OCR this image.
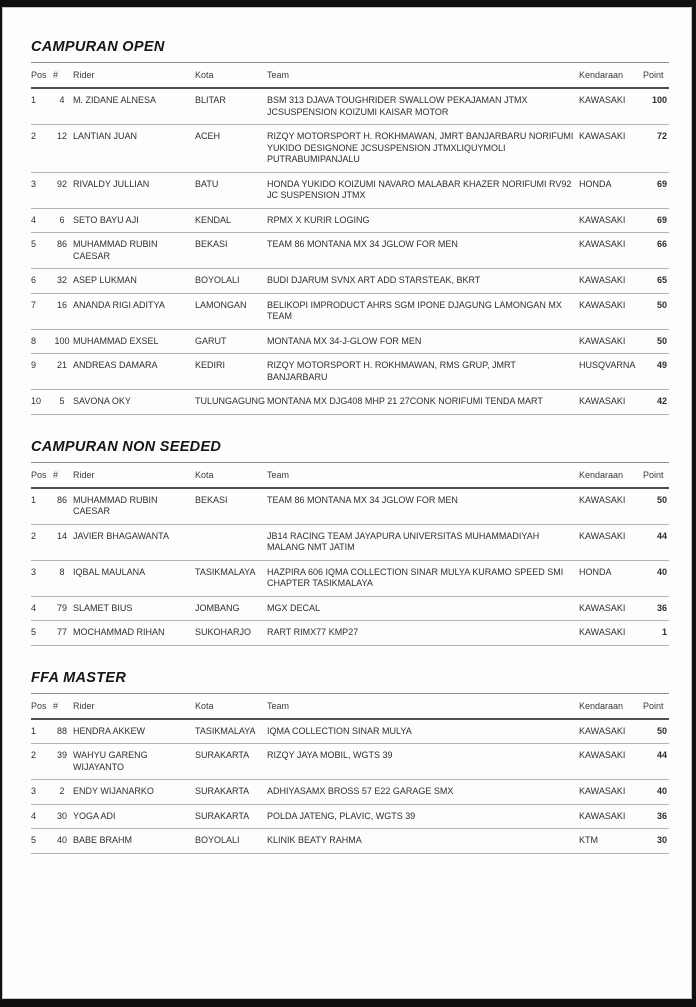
CAMPURAN OPEN
Pos	#	Rider	Kota	Team	Kendaraan	Point
1	4	M. ZIDANE ALNESA	BLITAR	BSM 313 DJAVA TOUGHRIDER SWALLOW PEKAJAMAN JTMX JCSUSPENSION KOIZUMI KAISAR MOTOR	KAWASAKI	100
2	12	LANTIAN JUAN	ACEH	RIZQY MOTORSPORT H. ROKHMAWAN, JMRT BANJARBARU NORIFUMI YUKIDO DESIGNONE JCSUSPENSION JTMXLIQUYMOLI PUTRABUMIPANJALU	KAWASAKI	72
3	92	RIVALDY JULLIAN	BATU	HONDA YUKIDO KOIZUMI NAVARO MALABAR KHAZER NORIFUMI RV92 JC SUSPENSION JTMX	HONDA	69
4	6	SETO BAYU AJI	KENDAL	RPMX X KURIR LOGING	KAWASAKI	69
5	86	MUHAMMAD RUBIN CAESAR	BEKASI	TEAM 86 MONTANA MX 34 JGLOW FOR MEN	KAWASAKI	66
6	32	ASEP LUKMAN	BOYOLALI	BUDI DJARUM SVNX ART ADD STARSTEAK, BKRT	KAWASAKI	65
7	16	ANANDA RIGI ADITYA	LAMONGAN	BELIKOPI IMPRODUCT AHRS SGM IPONE DJAGUNG LAMONGAN MX TEAM	KAWASAKI	50
8	100	MUHAMMAD EXSEL	GARUT	MONTANA MX 34-J-GLOW FOR MEN	KAWASAKI	50
9	21	ANDREAS DAMARA	KEDIRI	RIZQY MOTORSPORT H. ROKHMAWAN, RMS GRUP, JMRT BANJARBARU	HUSQVARNA	49
10	5	SAVONA OKY	TULUNGAGUNG	MONTANA MX DJG408 MHP 21 27CONK NORIFUMI TENDA MART	KAWASAKI	42
CAMPURAN NON SEEDED
Pos	#	Rider	Kota	Team	Kendaraan	Point
1	86	MUHAMMAD RUBIN CAESAR	BEKASI	TEAM 86 MONTANA MX 34 JGLOW FOR MEN	KAWASAKI	50
2	14	JAVIER BHAGAWANTA		JB14 RACING TEAM JAYAPURA UNIVERSITAS MUHAMMADIYAH MALANG NMT JATIM	KAWASAKI	44
3	8	IQBAL MAULANA	TASIKMALAYA	HAZPIRA 606 IQMA COLLECTION SINAR MULYA KURAMO SPEED SMI CHAPTER TASIKMALAYA	HONDA	40
4	79	SLAMET BIUS	JOMBANG	MGX DECAL	KAWASAKI	36
5	77	MOCHAMMAD RIHAN	SUKOHARJO	RART RIMX77 KMP27	KAWASAKI	1
FFA MASTER
Pos	#	Rider	Kota	Team	Kendaraan	Point
1	88	HENDRA AKKEW	TASIKMALAYA	IQMA COLLECTION SINAR MULYA	KAWASAKI	50
2	39	WAHYU GARENG WIJAYANTO	SURAKARTA	RIZQY JAYA MOBIL, WGTS 39	KAWASAKI	44
3	2	ENDY WIJANARKO	SURAKARTA	ADHIYASAMX BROSS 57 E22 GARAGE SMX	KAWASAKI	40
4	30	YOGA ADI	SURAKARTA	POLDA JATENG, PLAVIC, WGTS 39	KAWASAKI	36
5	40	BABE BRAHM	BOYOLALI	KLINIK BEATY RAHMA	KTM	30
